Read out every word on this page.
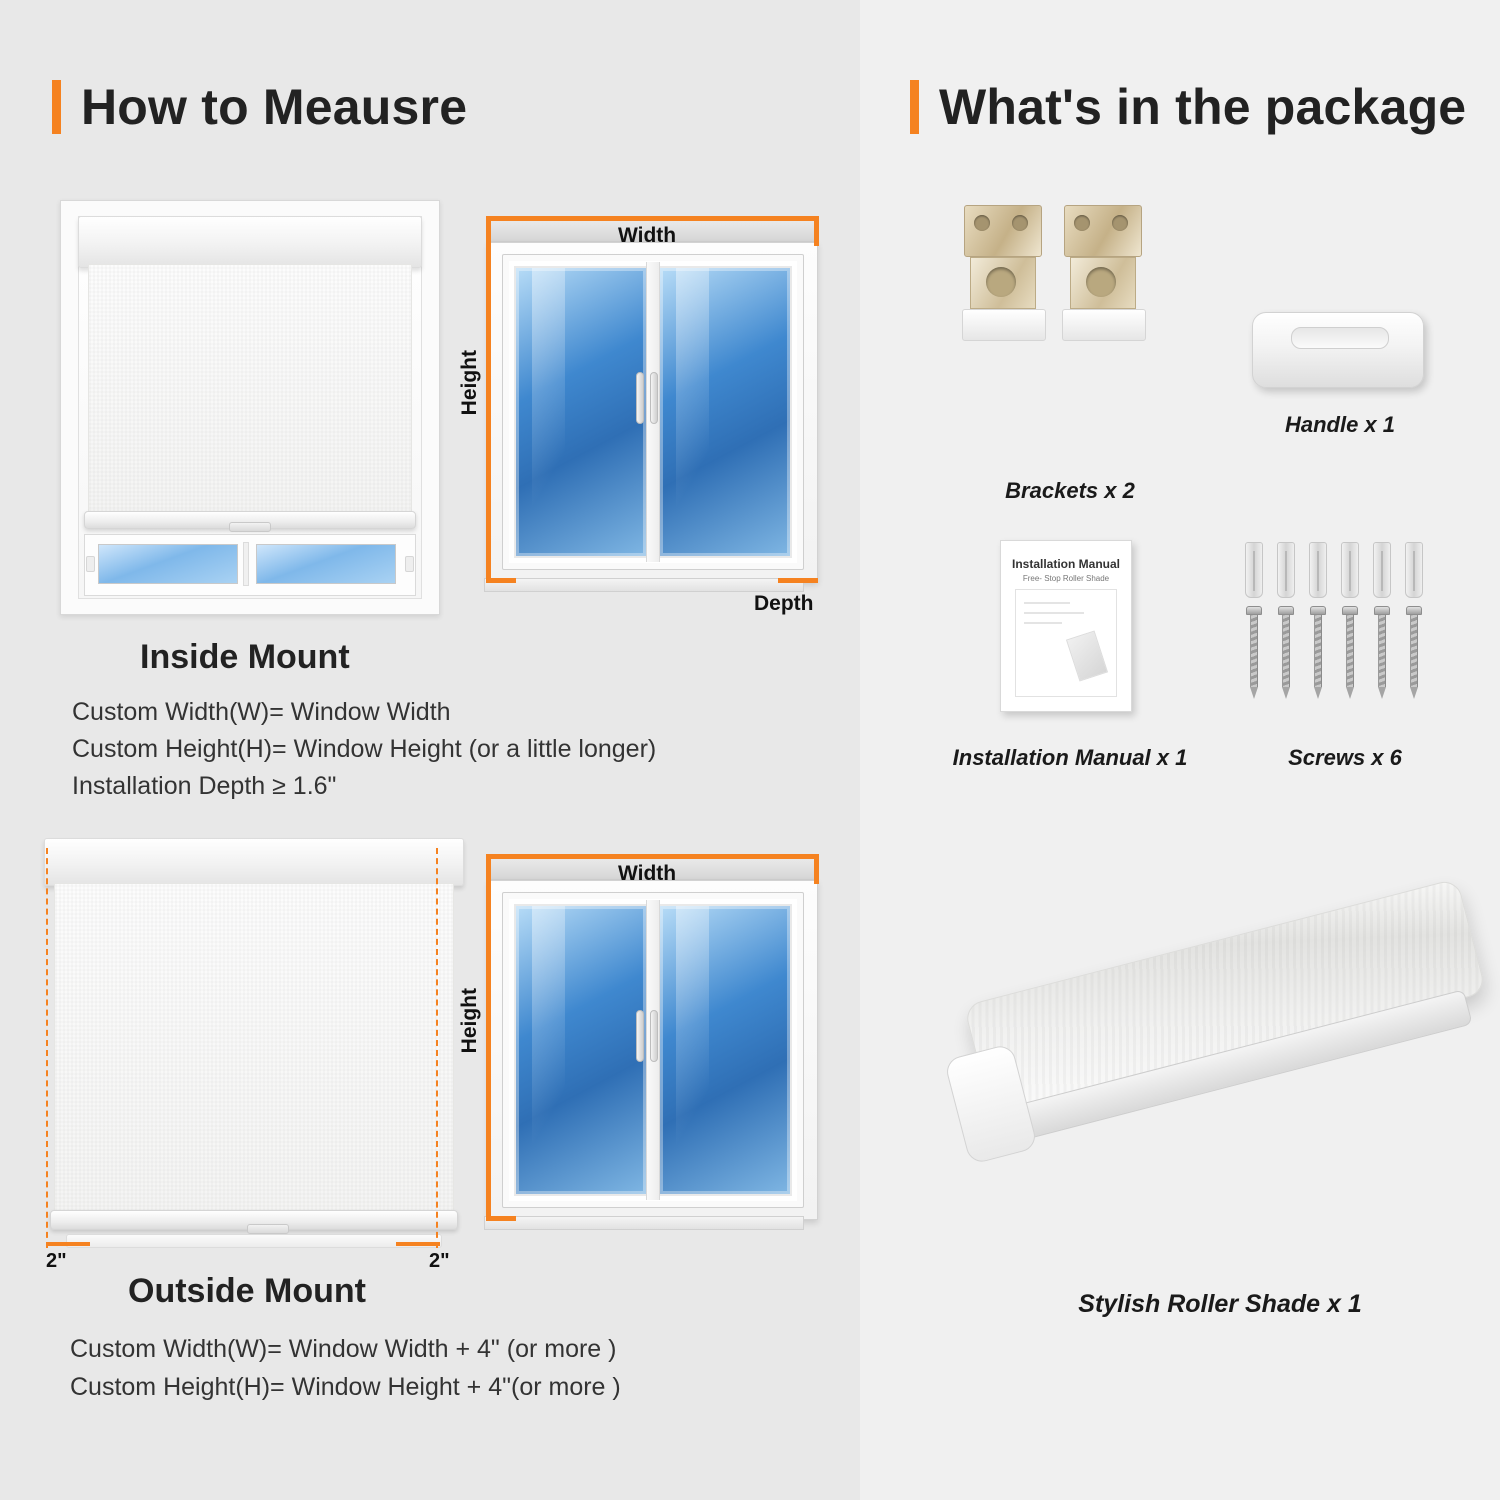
How to Meausre
Width
Height
Depth
Inside Mount
Custom Width(W)= Window Width
Custom Height(H)= Window Height (or a little longer)
Installation Depth ≥ 1.6"
2"	2"
Width
Height
Outside Mount
Custom Width(W)= Window Width + 4" (or more )
Custom Height(H)= Window Height + 4"(or more )
What's in the package
Brackets x 2
Handle x 1
Installation Manual
Free- Stop Roller Shade
Installation Manual x 1	Screws x 6
Stylish Roller Shade x 1
